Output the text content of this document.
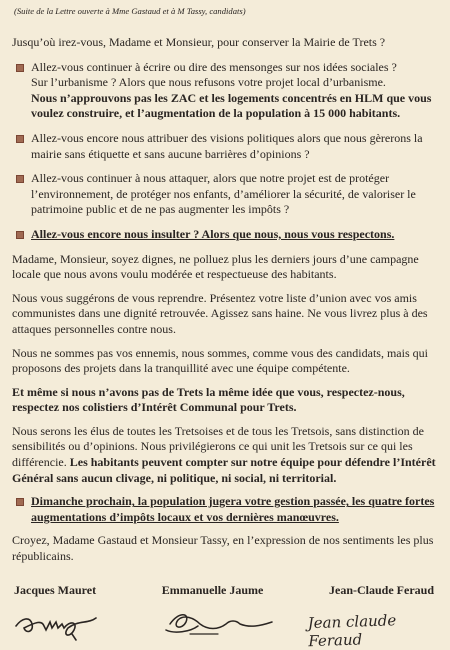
(Suite de la Lettre ouverte à Mme Gastaud et à M Tassy, candidats)

Jusqu’où irez-vous, Madame et Monsieur, pour conserver la Mairie de Trets ?

Allez-vous continuer à écrire ou dire des mensonges sur nos idées sociales ?
Sur l’urbanisme ? Alors que nous refusons votre projet local d’urbanisme.
Nous n’approuvons pas les ZAC et les logements concentrés en HLM que vous voulez construire, et l’augmentation de la population à 15 000 habitants.

Allez-vous encore nous attribuer des visions politiques alors que nous gèrerons la mairie sans étiquette et sans aucune barrières d’opinions ?

Allez-vous continuer à nous attaquer, alors que notre projet est de protéger l’environnement, de protéger nos enfants, d’améliorer la sécurité, de valoriser le patrimoine public et de ne pas augmenter les impôts ?

Allez-vous encore nous insulter ? Alors que nous, nous vous respectons.

Madame, Monsieur, soyez dignes, ne polluez plus les derniers jours d’une campagne locale que nous avons voulu modérée et respectueuse des habitants.

Nous vous suggérons de vous reprendre. Présentez votre liste d’union avec vos amis communistes dans une dignité retrouvée. Agissez sans haine. Ne vous livrez plus à des attaques personnelles contre nous.

Nous ne sommes pas vos ennemis, nous sommes, comme vous des candidats, mais qui proposons des projets dans la tranquillité avec une équipe compétente.

Et même si nous n’avons pas de Trets la même idée que vous, respectez-nous, respectez nos colistiers d’Intérêt Communal pour Trets.

Nous serons les élus de toutes les Tretsoises et de tous les Tretsois, sans distinction de sensibilités ou d’opinions. Nous privilégierons ce qui unit les Tretsois sur ce qui les différencie. Les habitants peuvent compter sur notre équipe pour défendre l’Intérêt Général sans aucun clivage, ni politique, ni social, ni territorial.

Dimanche prochain, la population jugera votre gestion passée, les quatre fortes augmentations d’impôts locaux et vos dernières manœuvres.

Croyez, Madame Gastaud et Monsieur Tassy, en l’expression de nos sentiments les plus républicains.

Jacques Mauret	Emmanuelle Jaume	Jean-Claude Feraud
Jean claude Feraud
